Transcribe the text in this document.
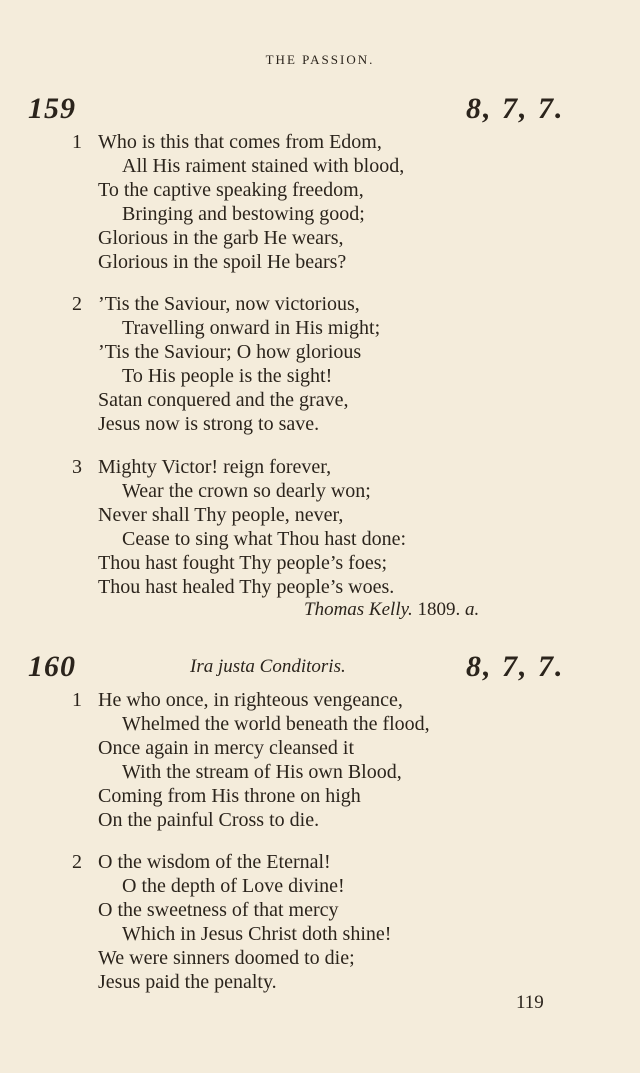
THE PASSION.
159	8, 7, 7.
1 Who is this that comes from Edom,
All His raiment stained with blood,
To the captive speaking freedom,
Bringing and bestowing good;
Glorious in the garb He wears,
Glorious in the spoil He bears?
2 ’Tis the Saviour, now victorious,
Travelling onward in His might;
’Tis the Saviour; O how glorious
To His people is the sight!
Satan conquered and the grave,
Jesus now is strong to save.
3 Mighty Victor! reign forever,
Wear the crown so dearly won;
Never shall Thy people, never,
Cease to sing what Thou hast done:
Thou hast fought Thy people’s foes;
Thou hast healed Thy people’s woes.
Thomas Kelly. 1809. a.
160	Ira justa Conditoris.	8, 7, 7.
1 He who once, in righteous vengeance,
Whelmed the world beneath the flood,
Once again in mercy cleansed it
With the stream of His own Blood,
Coming from His throne on high
On the painful Cross to die.
2 O the wisdom of the Eternal!
O the depth of Love divine!
O the sweetness of that mercy
Which in Jesus Christ doth shine!
We were sinners doomed to die;
Jesus paid the penalty.
119
